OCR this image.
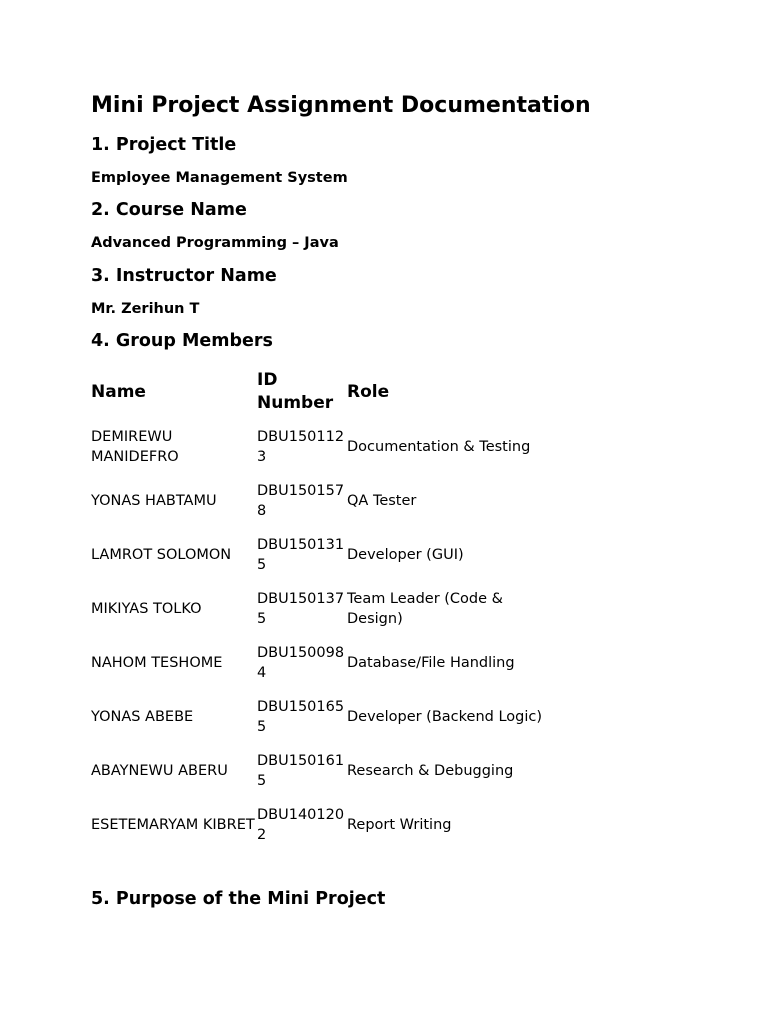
Mini Project Assignment Documentation
1. Project Title

Employee Management System

2. Course Name

Advanced Programming – Java

3. Instructor Name

Mr. Zerihun T

4. Group Members
Name	ID Number	Role
DEMIREWU MANIDEFRO	DBU1501123	Documentation & Testing
YONAS HABTAMU	DBU1501578	QA Tester
LAMROT SOLOMON	DBU1501315	Developer (GUI)
MIKIYAS TOLKO	DBU1501375	Team Leader (Code & Design)
NAHOM TESHOME	DBU1500984	Database/File Handling
YONAS ABEBE	DBU1501655	Developer (Backend Logic)
ABAYNEWU ABERU	DBU1501615	Research & Debugging
ESETEMARYAM KIBRET	DBU1401202	Report Writing
5. Purpose of the Mini Project
